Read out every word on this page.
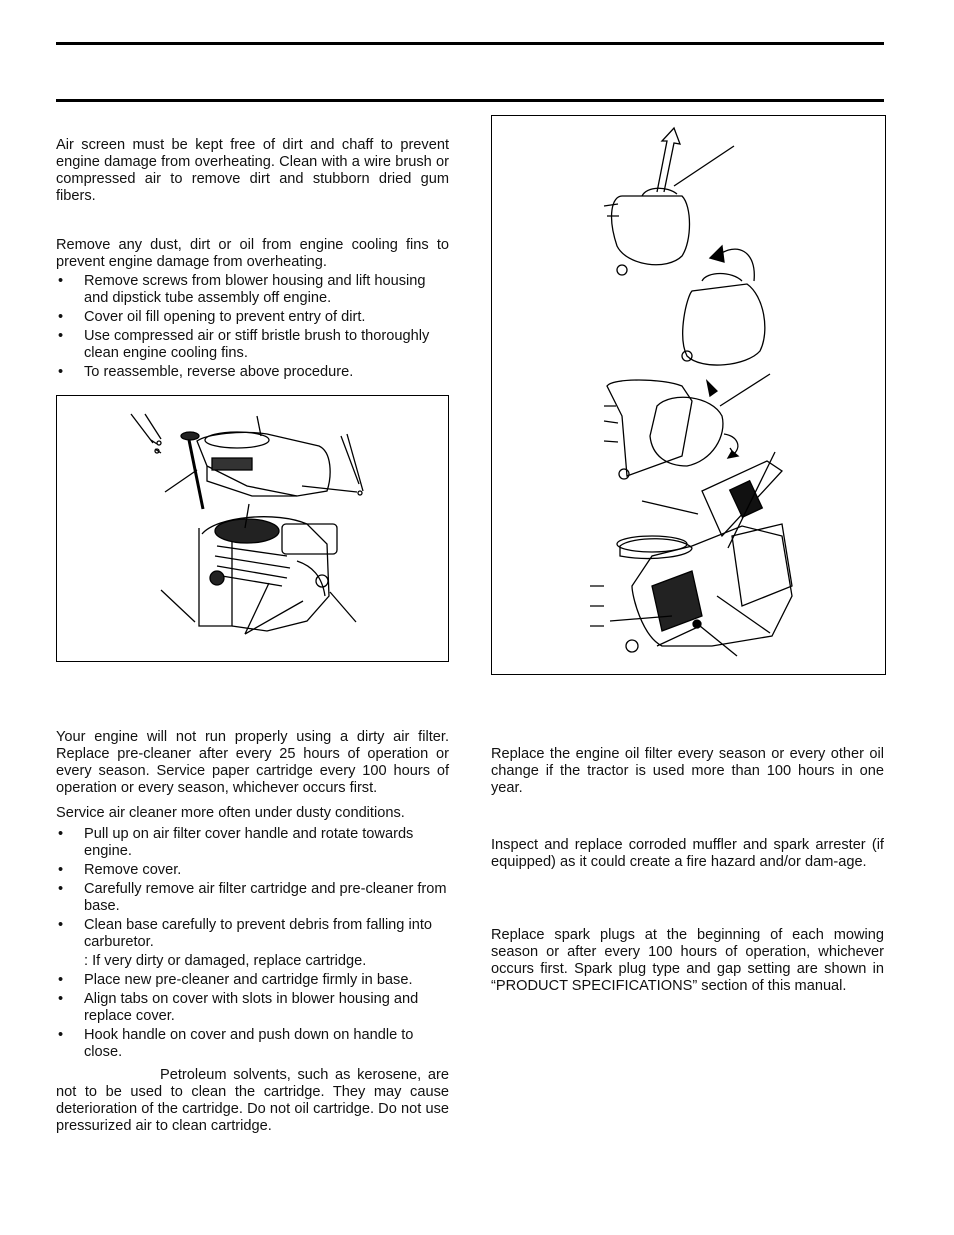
Air screen must be kept free of dirt and chaff to prevent engine damage from overheating. Clean with a wire brush or compressed air to remove dirt and stubborn dried gum fibers.

Remove any dust, dirt or oil from engine cooling fins to prevent engine damage from overheating.

• Remove screws from blower housing and lift housing and dipstick tube assembly off engine.
• Cover oil fill opening to prevent entry of dirt.
• Use compressed air or stiff bristle brush to thoroughly clean engine cooling fins.
• To reassemble, reverse above procedure.

Your engine will not run properly using a dirty air filter. Replace pre-cleaner after every 25 hours of operation or every season. Service paper cartridge every 100 hours of operation or every season, whichever occurs first.

Service air cleaner more often under dusty conditions.

• Pull up on air filter cover handle and rotate towards engine.
• Remove cover.
• Carefully remove air filter cartridge and pre-cleaner from base.
• Clean base carefully to prevent debris from falling into carburetor.
: If very dirty or damaged, replace cartridge.
• Place new pre-cleaner and cartridge firmly in base.
• Align tabs on cover with slots in blower housing and replace cover.
• Hook handle on cover and push down on handle to close.

Petroleum solvents, such as kerosene, are not to be used to clean the cartridge. They may cause deterioration of the cartridge. Do not oil cartridge. Do not use pressurized air to clean cartridge.

Replace the engine oil filter every season or every other oil change if the tractor is used more than 100 hours in one year.

Inspect and replace corroded muffler and spark arrester (if equipped) as it could create a fire hazard and/or dam-age.

Replace spark plugs at the beginning of each mowing season or after every 100 hours of operation, whichever occurs first. Spark plug type and gap setting are shown in “PRODUCT SPECIFICATIONS” section of this manual.
